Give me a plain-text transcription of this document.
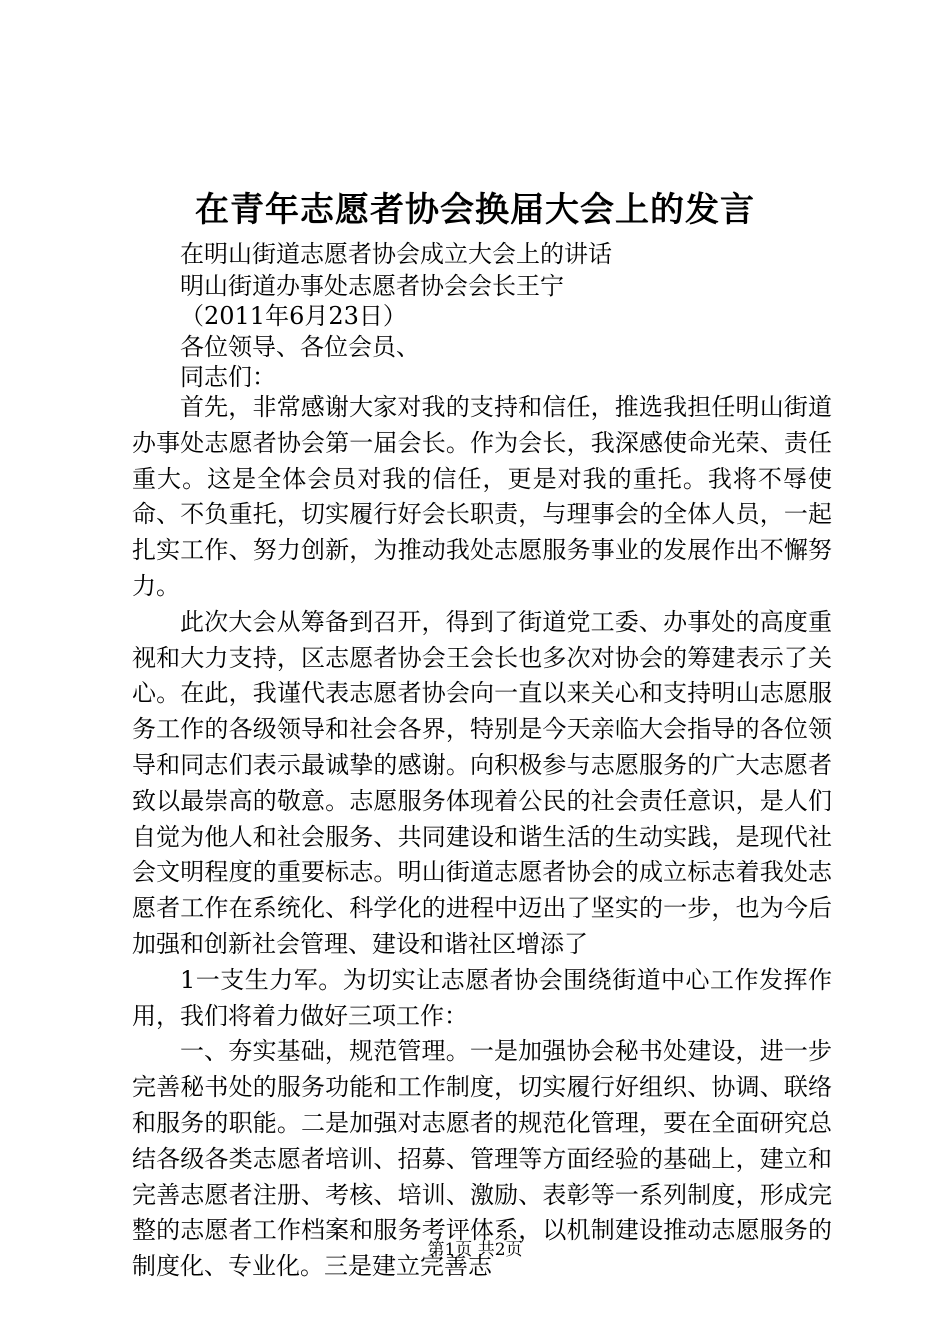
在青年志愿者协会换届大会上的发言
在明山街道志愿者协会成立大会上的讲话
明山街道办事处志愿者协会会长王宁
（2011年6月23日）
各位领导、各位会员、
同志们：

首先，非常感谢大家对我的支持和信任，推选我担任明山街道办事处志愿者协会第一届会长。作为会长，我深感使命光荣、责任重大。这是全体会员对我的信任，更是对我的重托。我将不辱使命、不负重托，切实履行好会长职责，与理事会的全体人员，一起扎实工作、努力创新，为推动我处志愿服务事业的发展作出不懈努力。

此次大会从筹备到召开，得到了街道党工委、办事处的高度重视和大力支持，区志愿者协会王会长也多次对协会的筹建表示了关心。在此，我谨代表志愿者协会向一直以来关心和支持明山志愿服务工作的各级领导和社会各界，特别是今天亲临大会指导的各位领导和同志们表示最诚挚的感谢。向积极参与志愿服务的广大志愿者致以最崇高的敬意。志愿服务体现着公民的社会责任意识，是人们自觉为他人和社会服务、共同建设和谐生活的生动实践，是现代社会文明程度的重要标志。明山街道志愿者协会的成立标志着我处志愿者工作在系统化、科学化的进程中迈出了坚实的一步，也为今后加强和创新社会管理、建设和谐社区增添了

1一支生力军。为切实让志愿者协会围绕街道中心工作发挥作用，我们将着力做好三项工作：

一、夯实基础，规范管理。一是加强协会秘书处建设，进一步完善秘书处的服务功能和工作制度，切实履行好组织、协调、联络和服务的职能。二是加强对志愿者的规范化管理，要在全面研究总结各级各类志愿者培训、招募、管理等方面经验的基础上，建立和完善志愿者注册、考核、培训、激励、表彰等一系列制度，形成完整的志愿者工作档案和服务考评体系，以机制建设推动志愿服务的制度化、专业化。三是建立完善志

第1页 共2页
